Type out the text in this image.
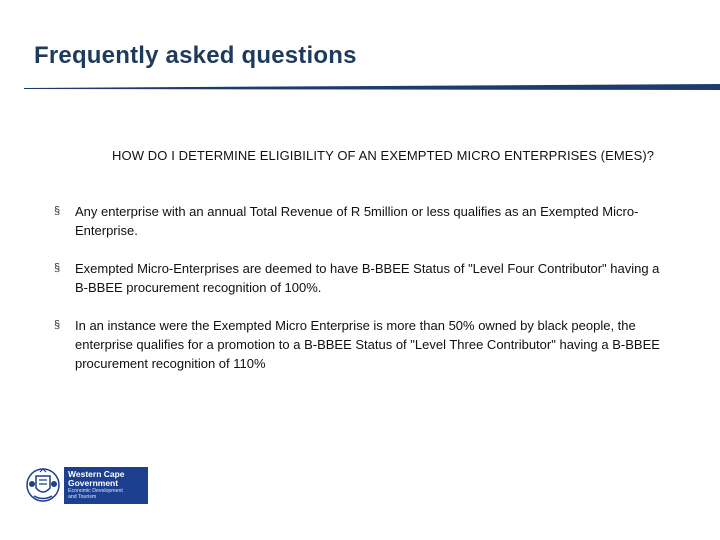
Frequently asked questions
HOW DO I DETERMINE ELIGIBILITY OF AN EXEMPTED MICRO ENTERPRISES (EMES)?
§ Any enterprise with an annual Total Revenue of R 5million or less qualifies as an Exempted Micro-Enterprise.
§ Exempted Micro-Enterprises are deemed to have B-BBEE Status of "Level Four Contributor" having a B-BBEE procurement recognition of 100%.
§ In an instance were the Exempted Micro Enterprise is more than 50% owned by black people, the enterprise qualifies for a promotion to a B-BBEE Status of "Level Three Contributor" having a B-BBEE procurement recognition of 110%
Western Cape
Government
Economic Development
and Tourism
